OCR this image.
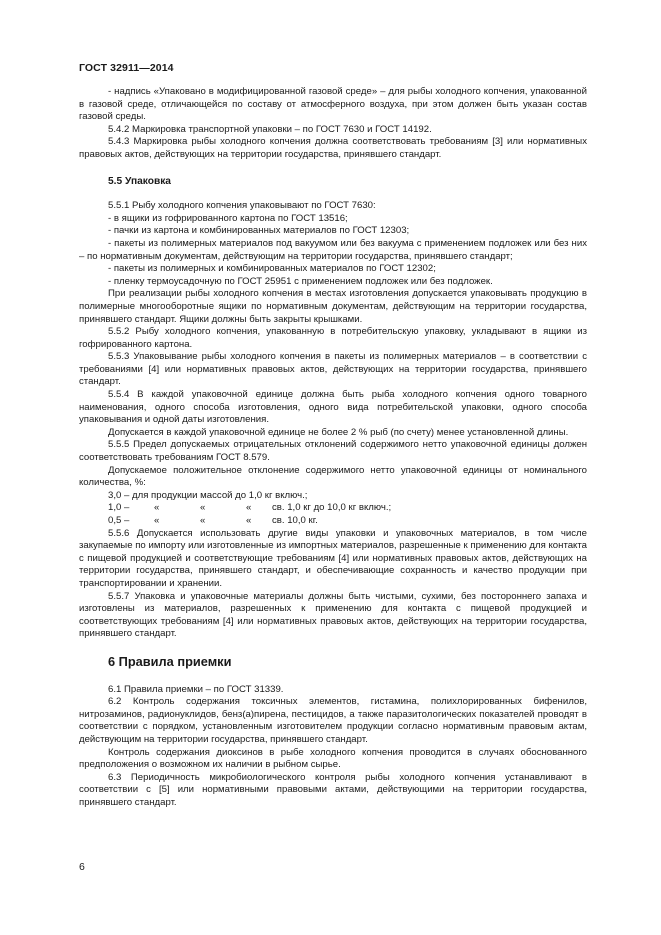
ГОСТ 32911—2014

- надпись «Упаковано в модифицированной газовой среде» – для рыбы холодного копчения, упакованной в газовой среде, отличающейся по составу от атмосферного воздуха, при этом должен быть указан состав газовой среды.

5.4.2 Маркировка транспортной упаковки – по ГОСТ 7630 и ГОСТ 14192.

5.4.3 Маркировка рыбы холодного копчения должна соответствовать требованиям [3] или нормативных правовых актов, действующих на территории государства, принявшего стандарт.

5.5 Упаковка

5.5.1 Рыбу холодного копчения упаковывают по ГОСТ 7630:

- в ящики из гофрированного картона по ГОСТ 13516;

- пачки из картона и комбинированных материалов по ГОСТ 12303;

- пакеты из полимерных материалов под вакуумом или без вакуума с применением подложек или без них – по нормативным документам, действующим на территории государства, принявшего стандарт;

- пакеты из полимерных и комбинированных материалов по ГОСТ 12302;

- пленку термоусадочную по ГОСТ 25951 с применением подложек или без подложек.

При реализации рыбы холодного копчения в местах изготовления допускается упаковывать продукцию в полимерные многооборотные ящики по нормативным документам, действующим на территории государства, принявшего стандарт. Ящики должны быть закрыты крышками.

5.5.2 Рыбу холодного копчения, упакованную в потребительскую упаковку, укладывают в ящики из гофрированного картона.

5.5.3 Упаковывание рыбы холодного копчения в пакеты из полимерных материалов – в соответствии с требованиями [4] или нормативных правовых актов, действующих на территории государства, принявшего стандарт.

5.5.4 В каждой упаковочной единице должна быть рыба холодного копчения одного товарного наименования, одного способа изготовления, одного вида потребительской упаковки, одного способа упаковывания и одной даты изготовления.

Допускается в каждой упаковочной единице не более 2 % рыб (по счету) менее установленной длины.

5.5.5 Предел допускаемых отрицательных отклонений содержимого нетто упаковочной единицы должен соответствовать требованиям ГОСТ 8.579.

Допускаемое положительное отклонение содержимого нетто упаковочной единицы от номинального количества, %:

3,0 – для продукции массой до 1,0 кг включ.;
1,0 –	«	«	«	св. 1,0 кг до 10,0 кг включ.;
0,5 –	«	«	«	св. 10,0 кг.

5.5.6 Допускается использовать другие виды упаковки и упаковочных материалов, в том числе закупаемые по импорту или изготовленные из импортных материалов, разрешенные к применению для контакта с пищевой продукцией и соответствующие требованиям [4] или нормативных правовых актов, действующих на территории государства, принявшего стандарт, и обеспечивающие сохранность и качество продукции при транспортировании и хранении.

5.5.7 Упаковка и упаковочные материалы должны быть чистыми, сухими, без постороннего запаха и изготовлены из материалов, разрешенных к применению для контакта с пищевой продукцией и соответствующих требованиям [4] или нормативных правовых актов, действующих на территории государства, принявшего стандарт.

6 Правила приемки

6.1 Правила приемки – по ГОСТ 31339.

6.2 Контроль содержания токсичных элементов, гистамина, полихлорированных бифенилов, нитрозаминов, радионуклидов, бенз(а)пирена, пестицидов, а также паразитологических показателей проводят в соответствии с порядком, установленным изготовителем продукции согласно нормативным правовым актам, действующим на территории государства, принявшего стандарт.

Контроль содержания диоксинов в рыбе холодного копчения проводится в случаях обоснованного предположения о возможном их наличии в рыбном сырье.

6.3 Периодичность микробиологического контроля рыбы холодного копчения устанавливают в соответствии с [5] или нормативными правовыми актами, действующими на территории государства, принявшего стандарт.

6
